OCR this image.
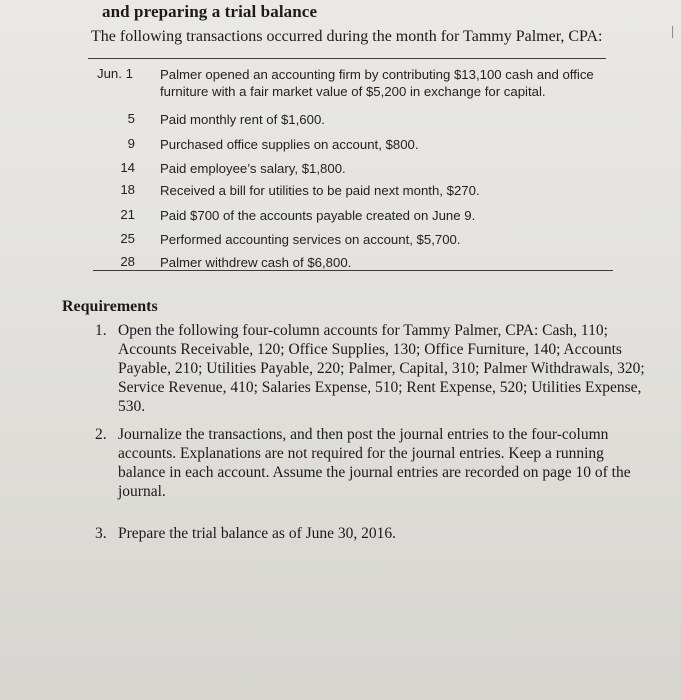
and preparing a trial balance
The following transactions occurred during the month for Tammy Palmer, CPA:
Jun. 1	Palmer opened an accounting firm by contributing $13,100 cash and office furniture with a fair market value of $5,200 in exchange for capital.
5 Paid monthly rent of $1,600.
9 Purchased office supplies on account, $800.
14 Paid employee’s salary, $1,800.
18 Received a bill for utilities to be paid next month, $270.
21 Paid $700 of the accounts payable created on June 9.
25 Performed accounting services on account, $5,700.
28 Palmer withdrew cash of $6,800.
Requirements
1. Open the following four-column accounts for Tammy Palmer, CPA: Cash, 110; Accounts Receivable, 120; Office Supplies, 130; Office Furniture, 140; Accounts Payable, 210; Utilities Payable, 220; Palmer, Capital, 310; Palmer Withdrawals, 320; Service Revenue, 410; Salaries Expense, 510; Rent Expense, 520; Utilities Expense, 530.
2. Journalize the transactions, and then post the journal entries to the four-column accounts. Explanations are not required for the journal entries. Keep a running balance in each account. Assume the journal entries are recorded on page 10 of the journal.
3. Prepare the trial balance as of June 30, 2016.
